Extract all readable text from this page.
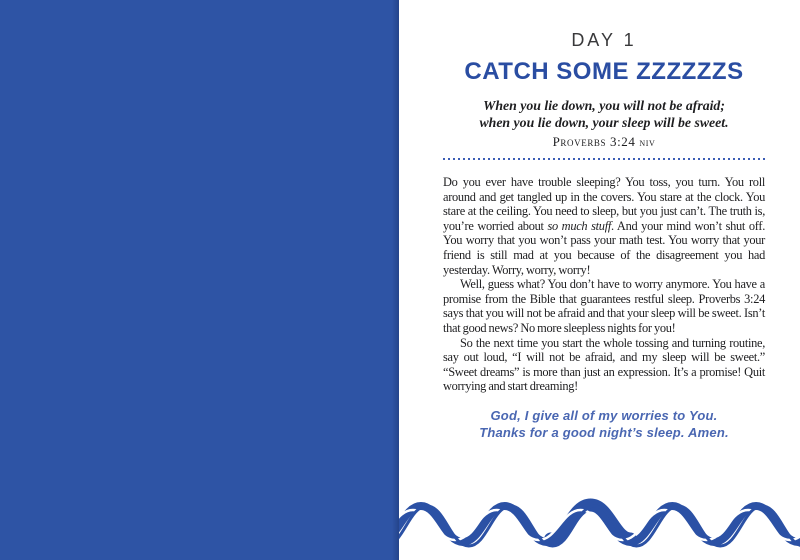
DAY 1
CATCH SOME ZZZZZZS
When you lie down, you will not be afraid;
when you lie down, your sleep will be sweet.
Proverbs 3:24 niv

Do you ever have trouble sleeping? You toss, you turn. You roll around and get tangled up in the covers. You stare at the clock. You stare at the ceiling. You need to sleep, but you just can’t. The truth is, you’re worried about so much stuff. And your mind won’t shut off. You worry that you won’t pass your math test. You worry that your friend is still mad at you because of the disagreement you had yesterday. Worry, worry, worry!

Well, guess what? You don’t have to worry anymore. You have a promise from the Bible that guarantees restful sleep. Proverbs 3:24 says that you will not be afraid and that your sleep will be sweet. Isn’t that good news? No more sleepless nights for you!

So the next time you start the whole tossing and turning routine, say out loud, “I will not be afraid, and my sleep will be sweet.” “Sweet dreams” is more than just an expression. It’s a promise! Quit worrying and start dreaming!

God, I give all of my worries to You.
Thanks for a good night’s sleep. Amen.
